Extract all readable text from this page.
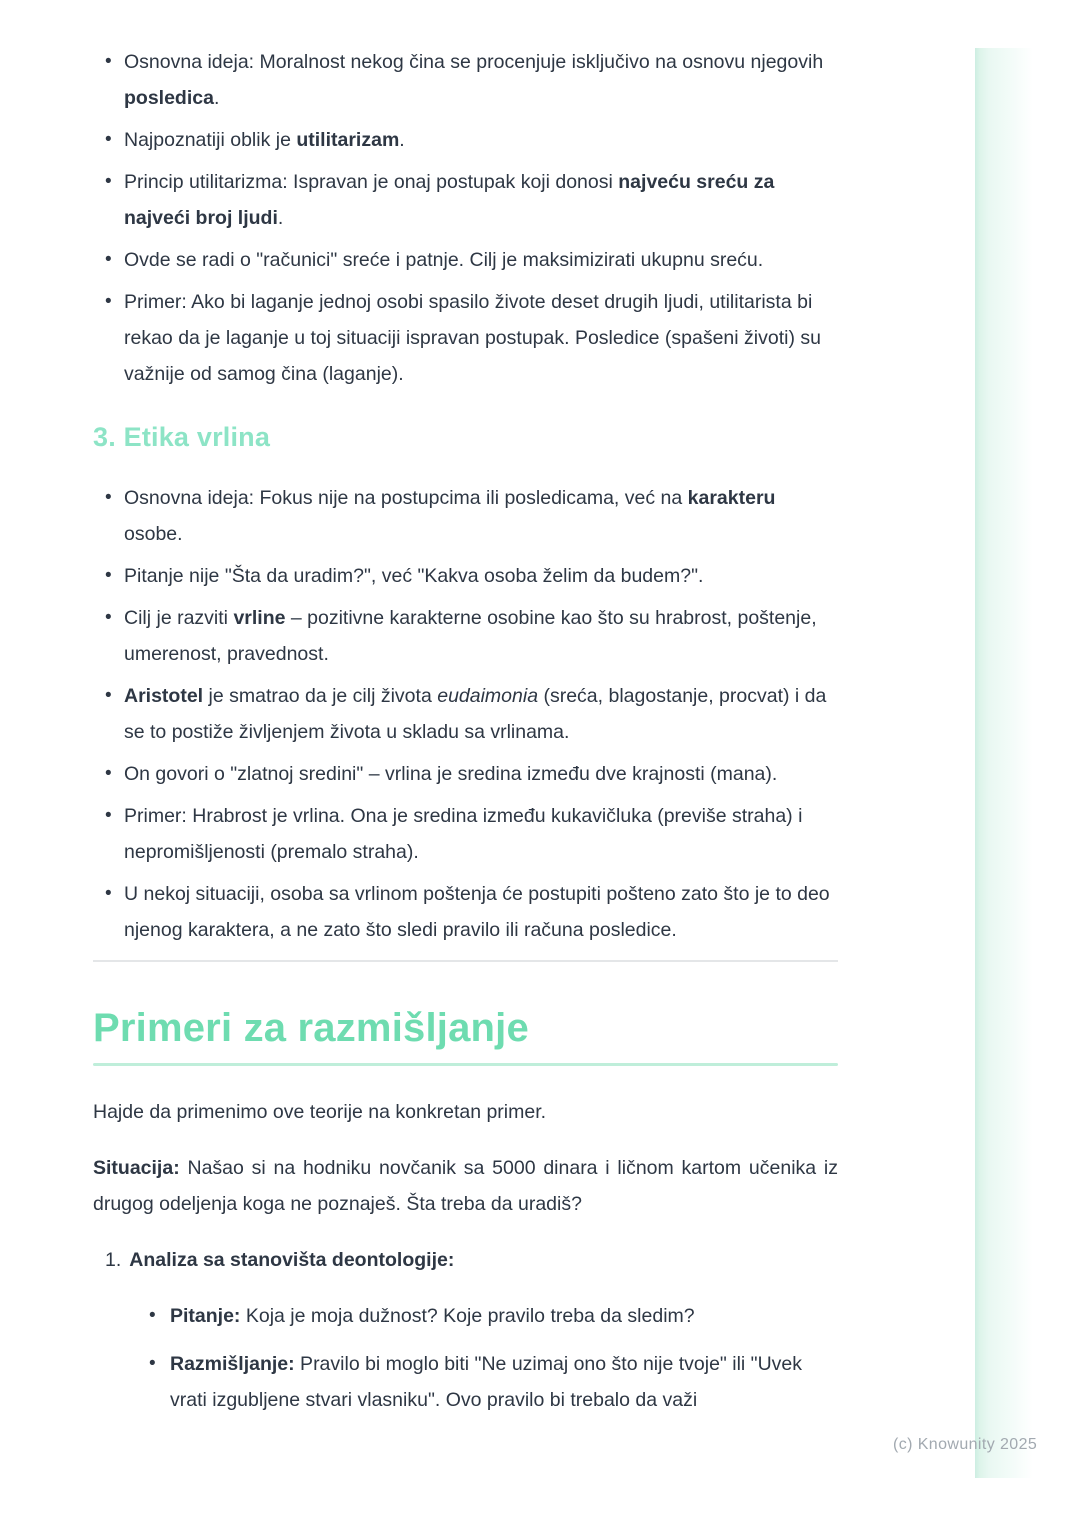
(c) Knowunity 2025
• Osnovna ideja: Moralnost nekog čina se procenjuje isključivo na osnovu njegovih posledica.
• Najpoznatiji oblik je utilitarizam.
• Princip utilitarizma: Ispravan je onaj postupak koji donosi najveću sreću za najveći broj ljudi.
• Ovde se radi o "računici" sreće i patnje. Cilj je maksimizirati ukupnu sreću.
• Primer: Ako bi laganje jednoj osobi spasilo živote deset drugih ljudi, utilitarista bi rekao da je laganje u toj situaciji ispravan postupak. Posledice (spašeni životi) su važnije od samog čina (laganje).
3. Etika vrlina
• Osnovna ideja: Fokus nije na postupcima ili posledicama, već na karakteru osobe.
• Pitanje nije "Šta da uradim?", već "Kakva osoba želim da budem?".
• Cilj je razviti vrline – pozitivne karakterne osobine kao što su hrabrost, poštenje, umerenost, pravednost.
• Aristotel je smatrao da je cilj života eudaimonia (sreća, blagostanje, procvat) i da se to postiže življenjem života u skladu sa vrlinama.
• On govori o "zlatnoj sredini" – vrlina je sredina između dve krajnosti (mana).
• Primer: Hrabrost je vrlina. Ona je sredina između kukavičluka (previše straha) i nepromišljenosti (premalo straha).
• U nekoj situaciji, osoba sa vrlinom poštenja će postupiti pošteno zato što je to deo njenog karaktera, a ne zato što sledi pravilo ili računa posledice.
Primeri za razmišljanje

Hajde da primenimo ove teorije na konkretan primer.

Situacija: Našao si na hodniku novčanik sa 5000 dinara i ličnom kartom učenika iz drugog odeljenja koga ne poznaješ. Šta treba da uradiš?

1. Analiza sa stanovišta deontologije:
• Pitanje: Koja je moja dužnost? Koje pravilo treba da sledim?
• Razmišljanje: Pravilo bi moglo biti "Ne uzimaj ono što nije tvoje" ili "Uvek vrati izgubljene stvari vlasniku". Ovo pravilo bi trebalo da važi
